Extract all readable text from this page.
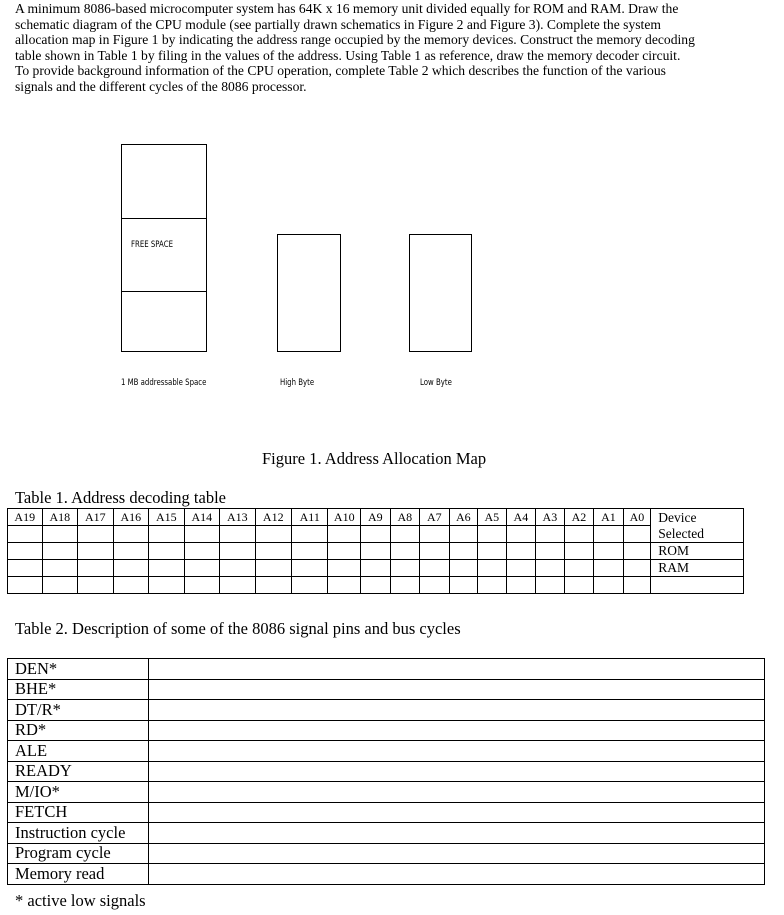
A minimum 8086-based microcomputer system has 64K x 16 memory unit divided equally for ROM and RAM. Draw the
schematic diagram of the CPU module (see partially drawn schematics in Figure 2 and Figure 3). Complete the system
allocation map in Figure 1 by indicating the address range occupied by the memory devices. Construct the memory decoding
table shown in Table 1 by filing in the values of the address. Using Table 1 as reference, draw the memory decoder circuit.
To provide background information of the CPU operation, complete Table 2 which describes the function of the various
signals and the different cycles of the 8086 processor.
FREE SPACE
1 MB addressable Space	High Byte	Low Byte
Figure 1. Address Allocation Map
Table 1. Address decoding table
A19	A18	A17	A16	A15	A14	A13	A12	A11	A10	A9	A8	A7	A6	A5	A4	A3	A2	A1	A0	Device Selected

																				ROM
																				RAM

Table 2. Description of some of the 8086 signal pins and bus cycles
DEN*	
BHE*	
DT/R*	
RD*	
ALE	
READY	
M/IO*	
FETCH	
Instruction cycle	
Program cycle	
Memory read	
* active low signals
